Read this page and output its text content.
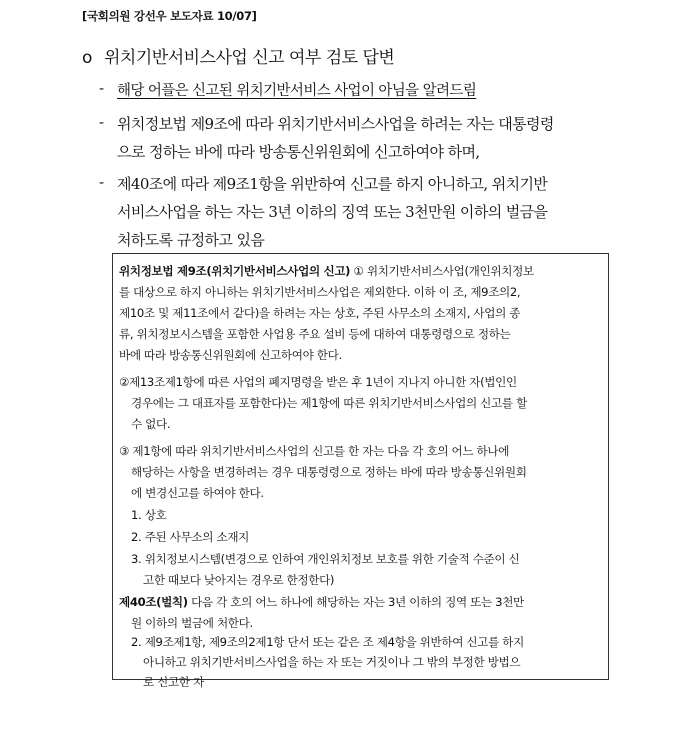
[국회의원 강선우 보도자료 10/07]
o 위치기반서비스사업 신고 여부 검토 답변
- 해당 어플은 신고된 위치기반서비스 사업이 아님을 알려드림
- 위치정보법 제9조에 따라 위치기반서비스사업을 하려는 자는 대통령령
으로 정하는 바에 따라 방송통신위원회에 신고하여야 하며,
- 제40조에 따라 제9조1항을 위반하여 신고를 하지 아니하고, 위치기반
서비스사업을 하는 자는 3년 이하의 징역 또는 3천만원 이하의 벌금을
처하도록 규정하고 있음
위치정보법 제9조(위치기반서비스사업의 신고) ① 위치기반서비스사업(개인위치정보
를 대상으로 하지 아니하는 위치기반서비스사업은 제외한다. 이하 이 조, 제9조의2,
제10조 및 제11조에서 같다)을 하려는 자는 상호, 주된 사무소의 소재지, 사업의 종
류, 위치정보시스템을 포함한 사업용 주요 설비 등에 대하여 대통령령으로 정하는
바에 따라 방송통신위원회에 신고하여야 한다.
②제13조제1항에 따른 사업의 폐지명령을 받은 후 1년이 지나지 아니한 자(법인인
경우에는 그 대표자를 포함한다)는 제1항에 따른 위치기반서비스사업의 신고를 할
수 없다.
③ 제1항에 따라 위치기반서비스사업의 신고를 한 자는 다음 각 호의 어느 하나에
해당하는 사항을 변경하려는 경우 대통령령으로 정하는 바에 따라 방송통신위원회
에 변경신고를 하여야 한다.
1. 상호
2. 주된 사무소의 소재지
3. 위치정보시스템(변경으로 인하여 개인위치정보 보호를 위한 기술적 수준이 신
고한 때보다 낮아지는 경우로 한정한다)
제40조(벌칙) 다음 각 호의 어느 하나에 해당하는 자는 3년 이하의 징역 또는 3천만
원 이하의 벌금에 처한다.
2. 제9조제1항, 제9조의2제1항 단서 또는 같은 조 제4항을 위반하여 신고를 하지
아니하고 위치기반서비스사업을 하는 자 또는 거짓이나 그 밖의 부정한 방법으
로 신고한 자
